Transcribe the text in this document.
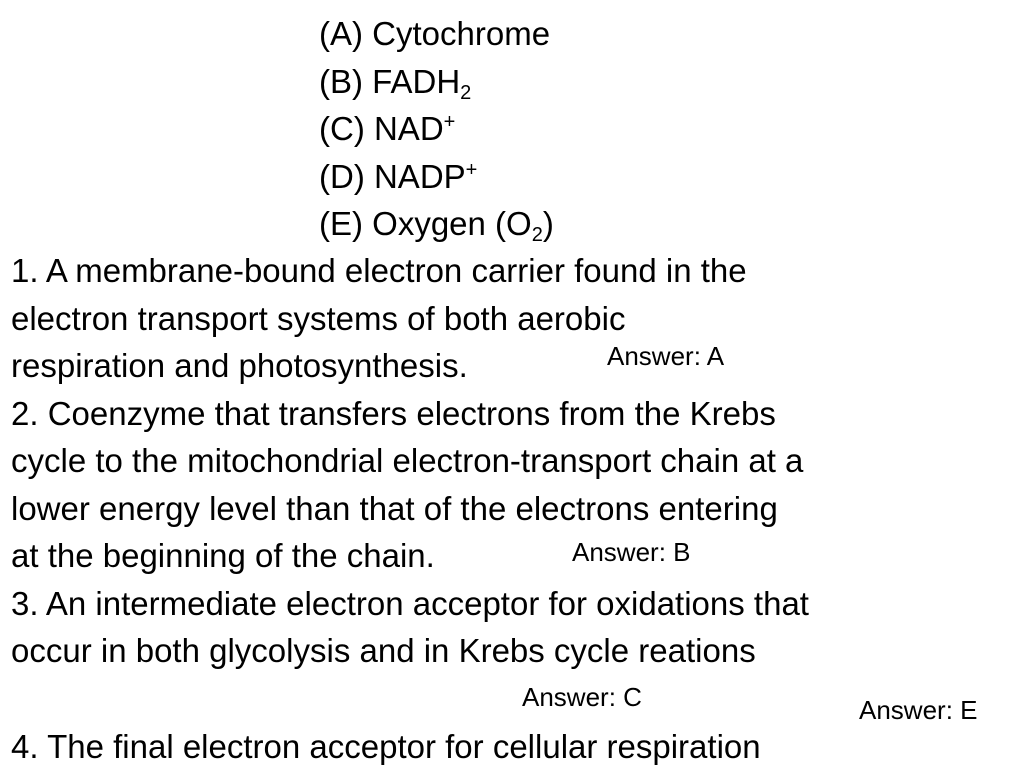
(A) Cytochrome
(B) $FADH_2$
(C) NAD+
(D) NADP+
(E) Oxygen $(O_2)$
1. A membrane-bound electron carrier found in the
electron transport systems of both aerobic
respiration and photosynthesis.
2. Coenzyme that transfers electrons from the Krebs
cycle to the mitochondrial electron-transport chain at a
lower energy level than that of the electrons entering
at the beginning of the chain.
3. An intermediate electron acceptor for oxidations that
occur in both glycolysis and in Krebs cycle reations
4. The final electron acceptor for cellular respiration
Answer: A
Answer: B
Answer: C	Answer: E
